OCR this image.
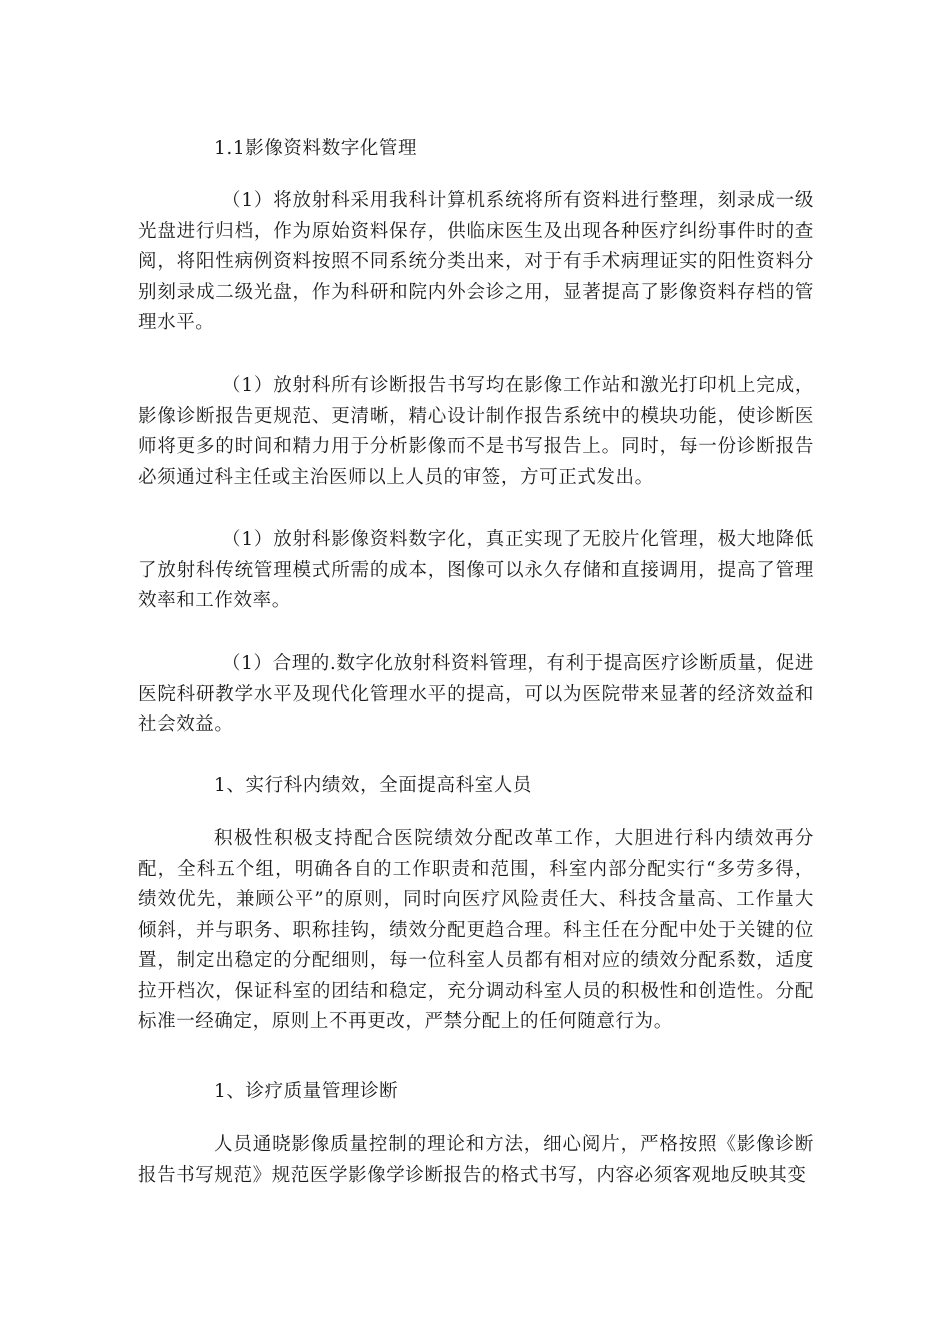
1.1影像资料数字化管理

（1）将放射科采用我科计算机系统将所有资料进行整理，刻录成一级光盘进行归档，作为原始资料保存，供临床医生及出现各种医疗纠纷事件时的查阅，将阳性病例资料按照不同系统分类出来，对于有手术病理证实的阳性资料分别刻录成二级光盘，作为科研和院内外会诊之用，显著提高了影像资料存档的管理水平。

（1）放射科所有诊断报告书写均在影像工作站和激光打印机上完成，影像诊断报告更规范、更清晰，精心设计制作报告系统中的模块功能，使诊断医师将更多的时间和精力用于分析影像而不是书写报告上。同时，每一份诊断报告必须通过科主任或主治医师以上人员的审签，方可正式发出。

（1）放射科影像资料数字化，真正实现了无胶片化管理，极大地降低了放射科传统管理模式所需的成本，图像可以永久存储和直接调用，提高了管理效率和工作效率。

（1）合理的.数字化放射科资料管理，有利于提高医疗诊断质量，促进医院科研教学水平及现代化管理水平的提高，可以为医院带来显著的经济效益和社会效益。

1、实行科内绩效，全面提高科室人员

积极性积极支持配合医院绩效分配改革工作，大胆进行科内绩效再分配，全科五个组，明确各自的工作职责和范围，科室内部分配实行“多劳多得，绩效优先，兼顾公平”的原则，同时向医疗风险责任大、科技含量高、工作量大倾斜，并与职务、职称挂钩，绩效分配更趋合理。科主任在分配中处于关键的位置，制定出稳定的分配细则，每一位科室人员都有相对应的绩效分配系数，适度拉开档次，保证科室的团结和稳定，充分调动科室人员的积极性和创造性。分配标准一经确定，原则上不再更改，严禁分配上的任何随意行为。

1、诊疗质量管理诊断

人员通晓影像质量控制的理论和方法，细心阅片，严格按照《影像诊断报告书写规范》规范医学影像学诊断报告的格式书写，内容必须客观地反映其变
